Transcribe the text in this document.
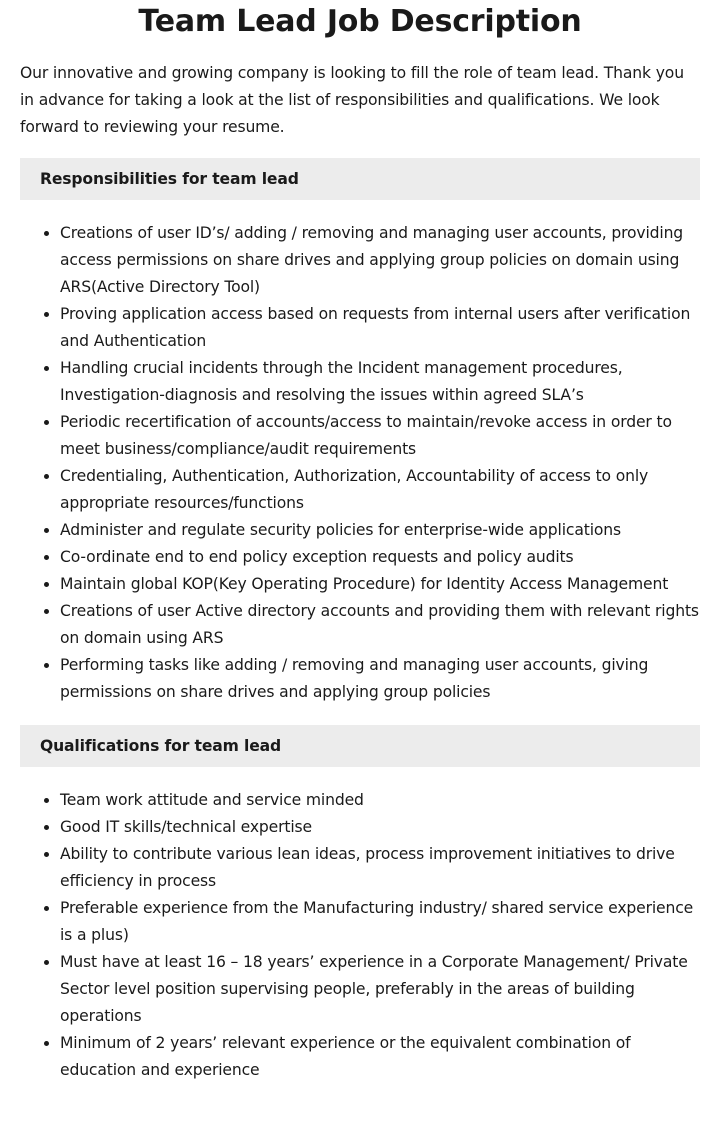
Team Lead Job Description

Our innovative and growing company is looking to fill the role of team lead. Thank you in advance for taking a look at the list of responsibilities and qualifications. We look forward to reviewing your resume.

Responsibilities for team lead
• Creations of user ID’s/ adding / removing and managing user accounts, providing access permissions on share drives and applying group policies on domain using ARS(Active Directory Tool)
• Proving application access based on requests from internal users after verification and Authentication
• Handling crucial incidents through the Incident management procedures, Investigation-diagnosis and resolving the issues within agreed SLA’s
• Periodic recertification of accounts/access to maintain/revoke access in order to meet business/compliance/audit requirements
• Credentialing, Authentication, Authorization, Accountability of access to only appropriate resources/functions
• Administer and regulate security policies for enterprise-wide applications
• Co-ordinate end to end policy exception requests and policy audits
• Maintain global KOP(Key Operating Procedure) for Identity Access Management
• Creations of user Active directory accounts and providing them with relevant rights on domain using ARS
• Performing tasks like adding / removing and managing user accounts, giving permissions on share drives and applying group policies
Qualifications for team lead
• Team work attitude and service minded
• Good IT skills/technical expertise
• Ability to contribute various lean ideas, process improvement initiatives to drive efficiency in process
• Preferable experience from the Manufacturing industry/ shared service experience is a plus)
• Must have at least 16 – 18 years’ experience in a Corporate Management/ Private Sector level position supervising people, preferably in the areas of building operations
• Minimum of 2 years’ relevant experience or the equivalent combination of education and experience
